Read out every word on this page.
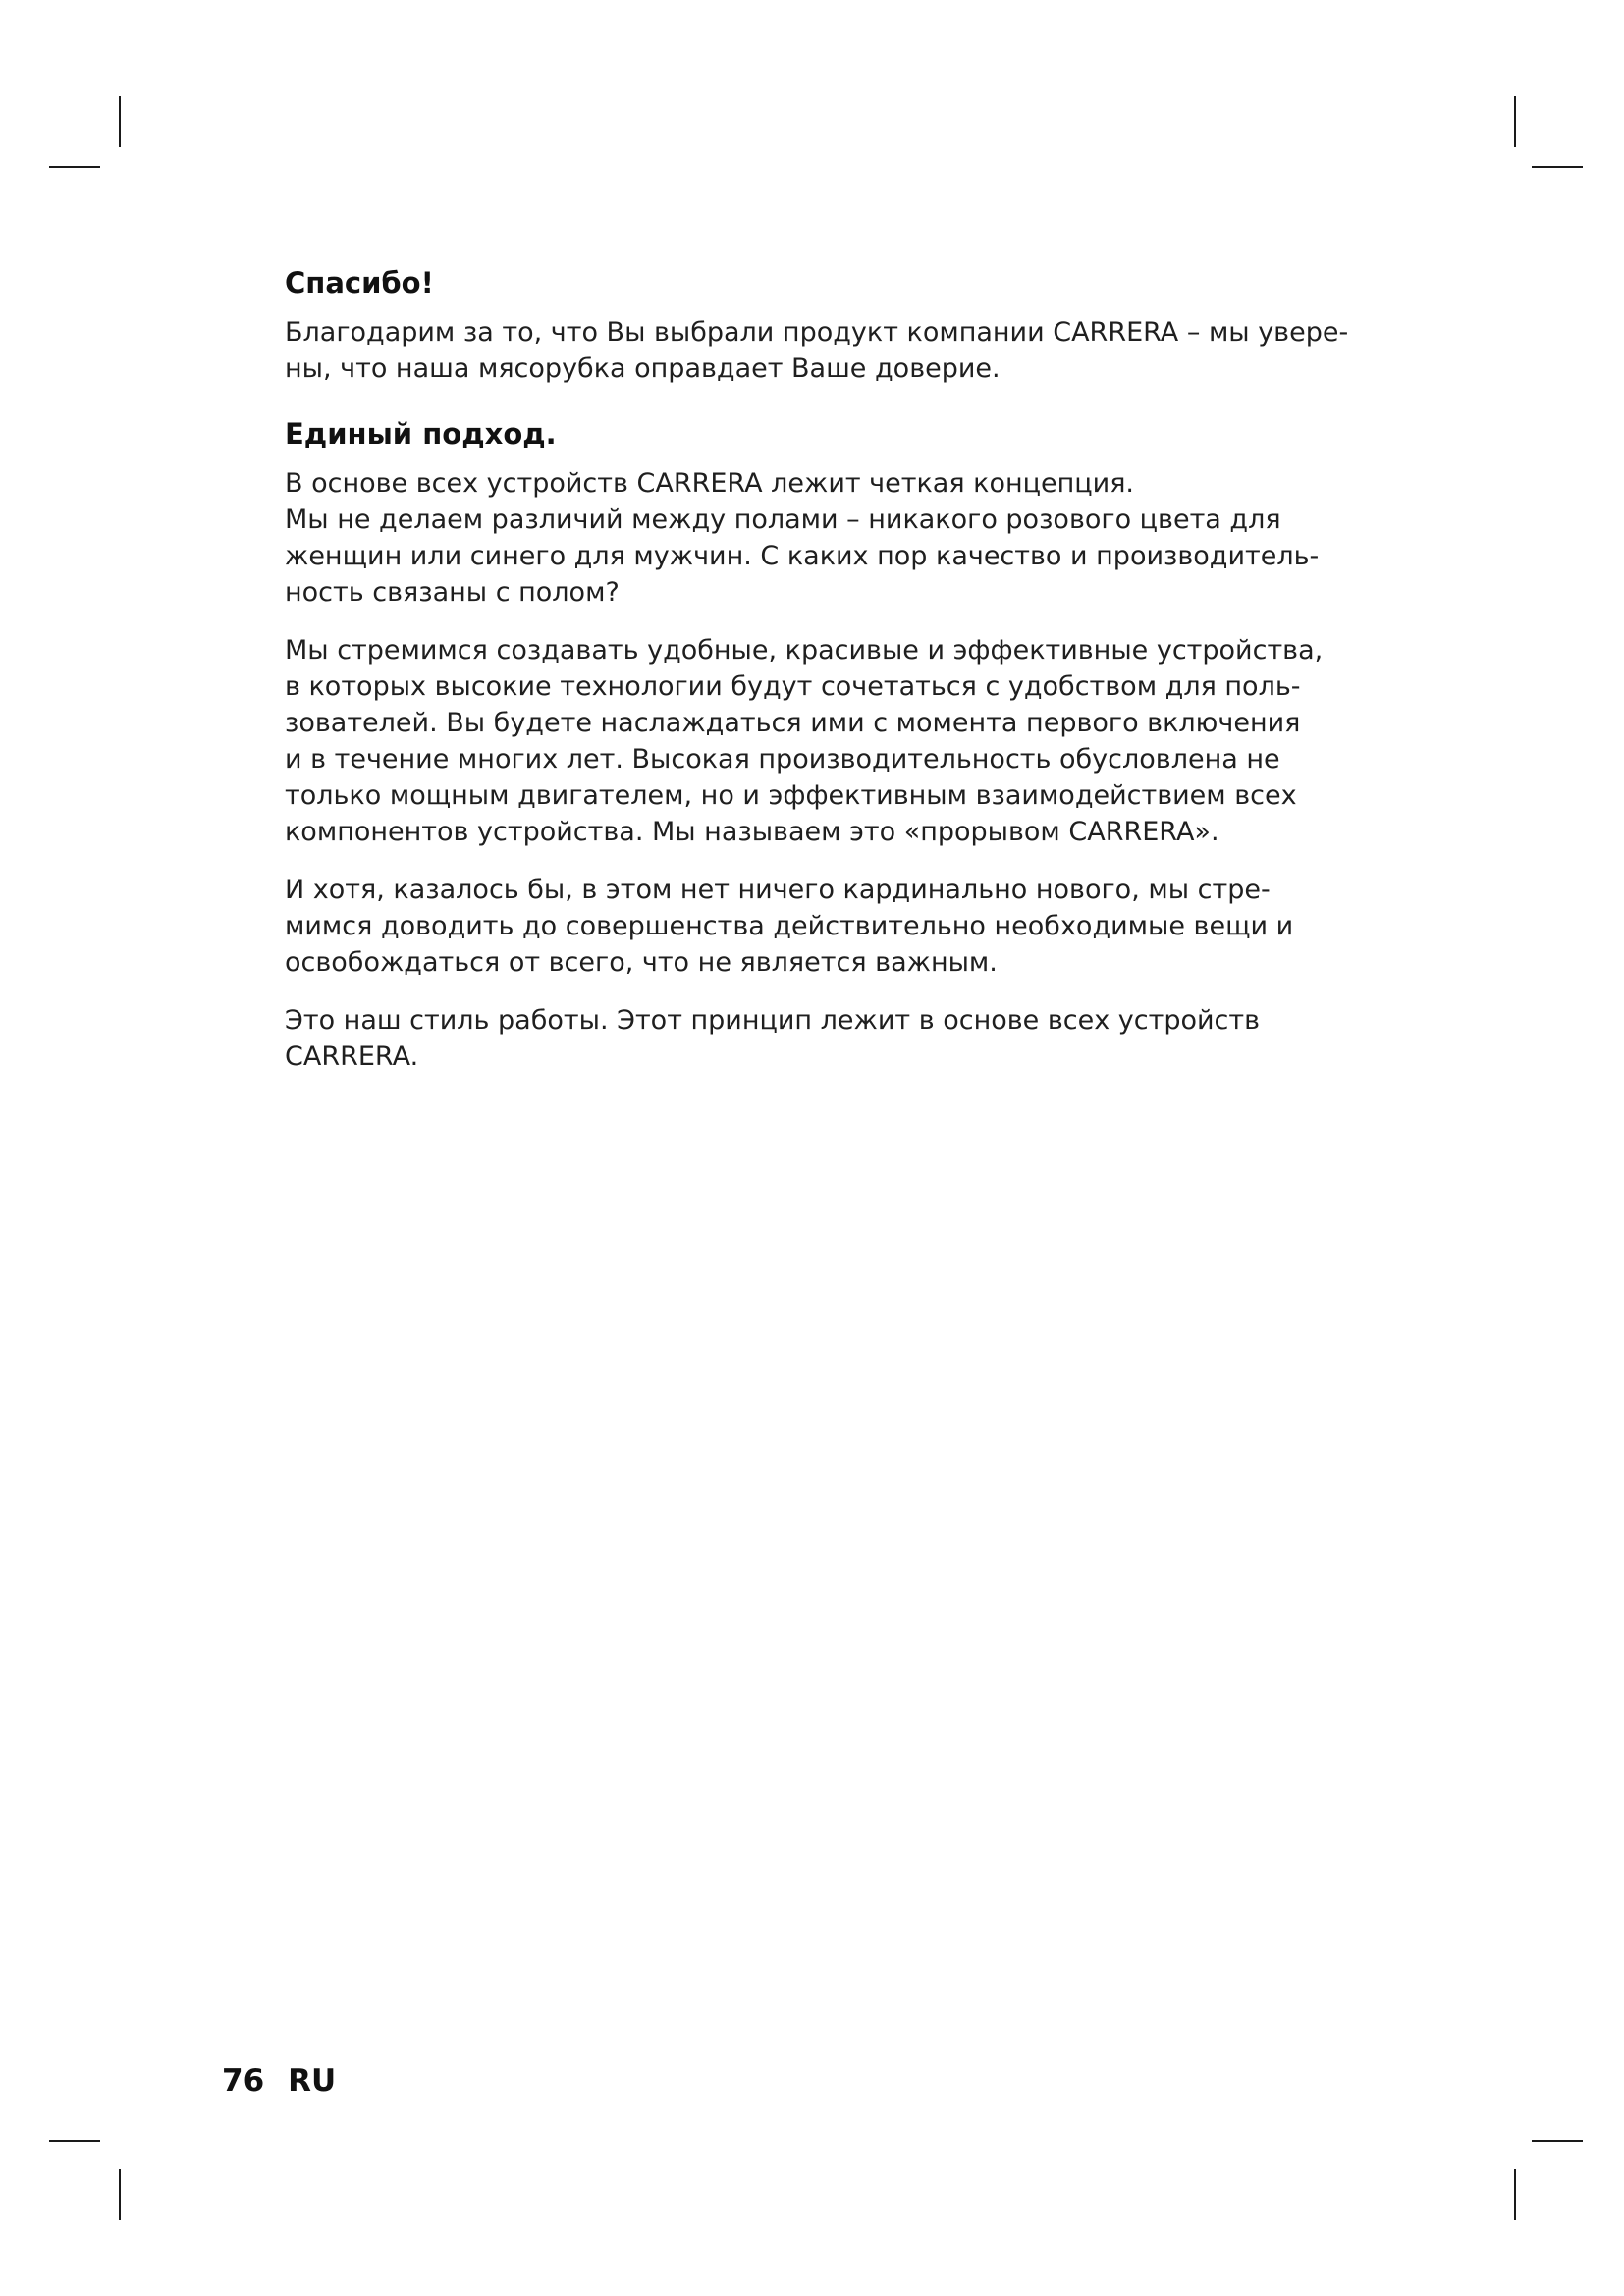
Спасибо!

Благодарим за то, что Вы выбрали продукт компании CARRERA – мы увере-
ны, что наша мясорубка оправдает Ваше доверие.

Единый подход.

В основе всех устройств CARRERA лежит четкая концепция.
Мы не делаем различий между полами – никакого розового цвета для
женщин или синего для мужчин. С каких пор качество и производитель-
ность связаны с полом?

Мы стремимся создавать удобные, красивые и эффективные устройства,
в которых высокие технологии будут сочетаться с удобством для поль-
зователей. Вы будете наслаждаться ими с момента первого включения
и в течение многих лет. Высокая производительность обусловлена не
только мощным двигателем, но и эффективным взаимодействием всех
компонентов устройства. Мы называем это «прорывом CARRERA».

И хотя, казалось бы, в этом нет ничего кардинально нового, мы стре-
мимся доводить до совершенства действительно необходимые вещи и
освобождаться от всего, что не является важным.

Это наш стиль работы. Этот принцип лежит в основе всех устройств
CARRERA.

76 RU
